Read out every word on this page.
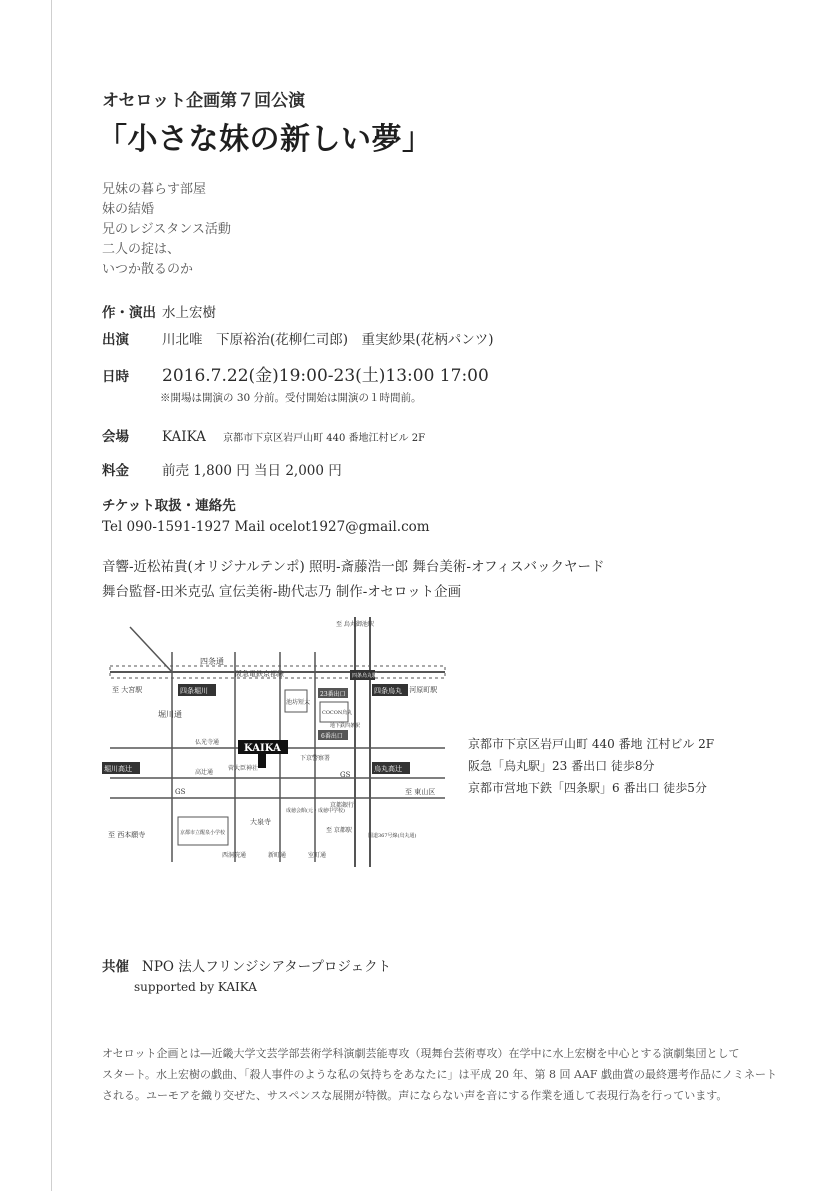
オセロット企画第７回公演
「小さな妹の新しい夢」
兄妹の暮らす部屋
妹の結婚
兄のレジスタンス活動
二人の掟は、
いつか散るのか
作・演出 水上宏樹
出演 川北唯　下原裕治(花柳仁司郎)　重実紗果(花柄パンツ)
日時 2016.7.22(金)19:00-23(土)13:00 17:00
※開場は開演の 30 分前。受付開始は開演の１時間前。
会場 KAIKA 京都市下京区岩戸山町 440 番地江村ビル 2F
料金 前売 1,800 円 当日 2,000 円
チケット取扱・連絡先
Tel 090-1591-1927 Mail ocelot1927@gmail.com
音響-近松祐貴(オリジナルテンポ) 照明-斎藤浩一郎 舞台美術-オフィスバックヤード
舞台監督-田米克弘 宣伝美術-勘代志乃 制作-オセロット企画
四条通
阪急電鉄京都線
至 大宮駅	四条堀川
堀川通
仏光寺通
池坊短大
23番出口
COCON烏丸
6番出口
四条烏丸
至 河原町駅
KAIKA
菅大臣神社
下京警察署
高辻通
堀川高辻	烏丸高辻
GS
GS
至 東山区
大泉寺
京都市立醒泉小学校
至 西本願寺
西洞院通	新町通
成徳会館(元・成徳中学校)
室町通
京都銀行
地下鉄四条駅
国道367号線(烏丸通)
至 京都駅
至 烏丸御池駅
四条烏丸駅
京都市下京区岩戸山町 440 番地 江村ビル 2F
阪急「烏丸駅」23 番出口 徒歩8分
京都市営地下鉄「四条駅」6 番出口 徒歩5分
共催 NPO 法人フリンジシアタープロジェクト
supported by KAIKA
オセロット企画とは―近畿大学文芸学部芸術学科演劇芸能専攻（現舞台芸術専攻）在学中に水上宏樹を中心とする演劇集団として
スタート。水上宏樹の戯曲、「殺人事件のような私の気持ちをあなたに」は平成 20 年、第 8 回 AAF 戯曲賞の最終選考作品にノミネート
される。ユーモアを織り交ぜた、サスペンスな展開が特徴。声にならない声を音にする作業を通して表現行為を行っています。
